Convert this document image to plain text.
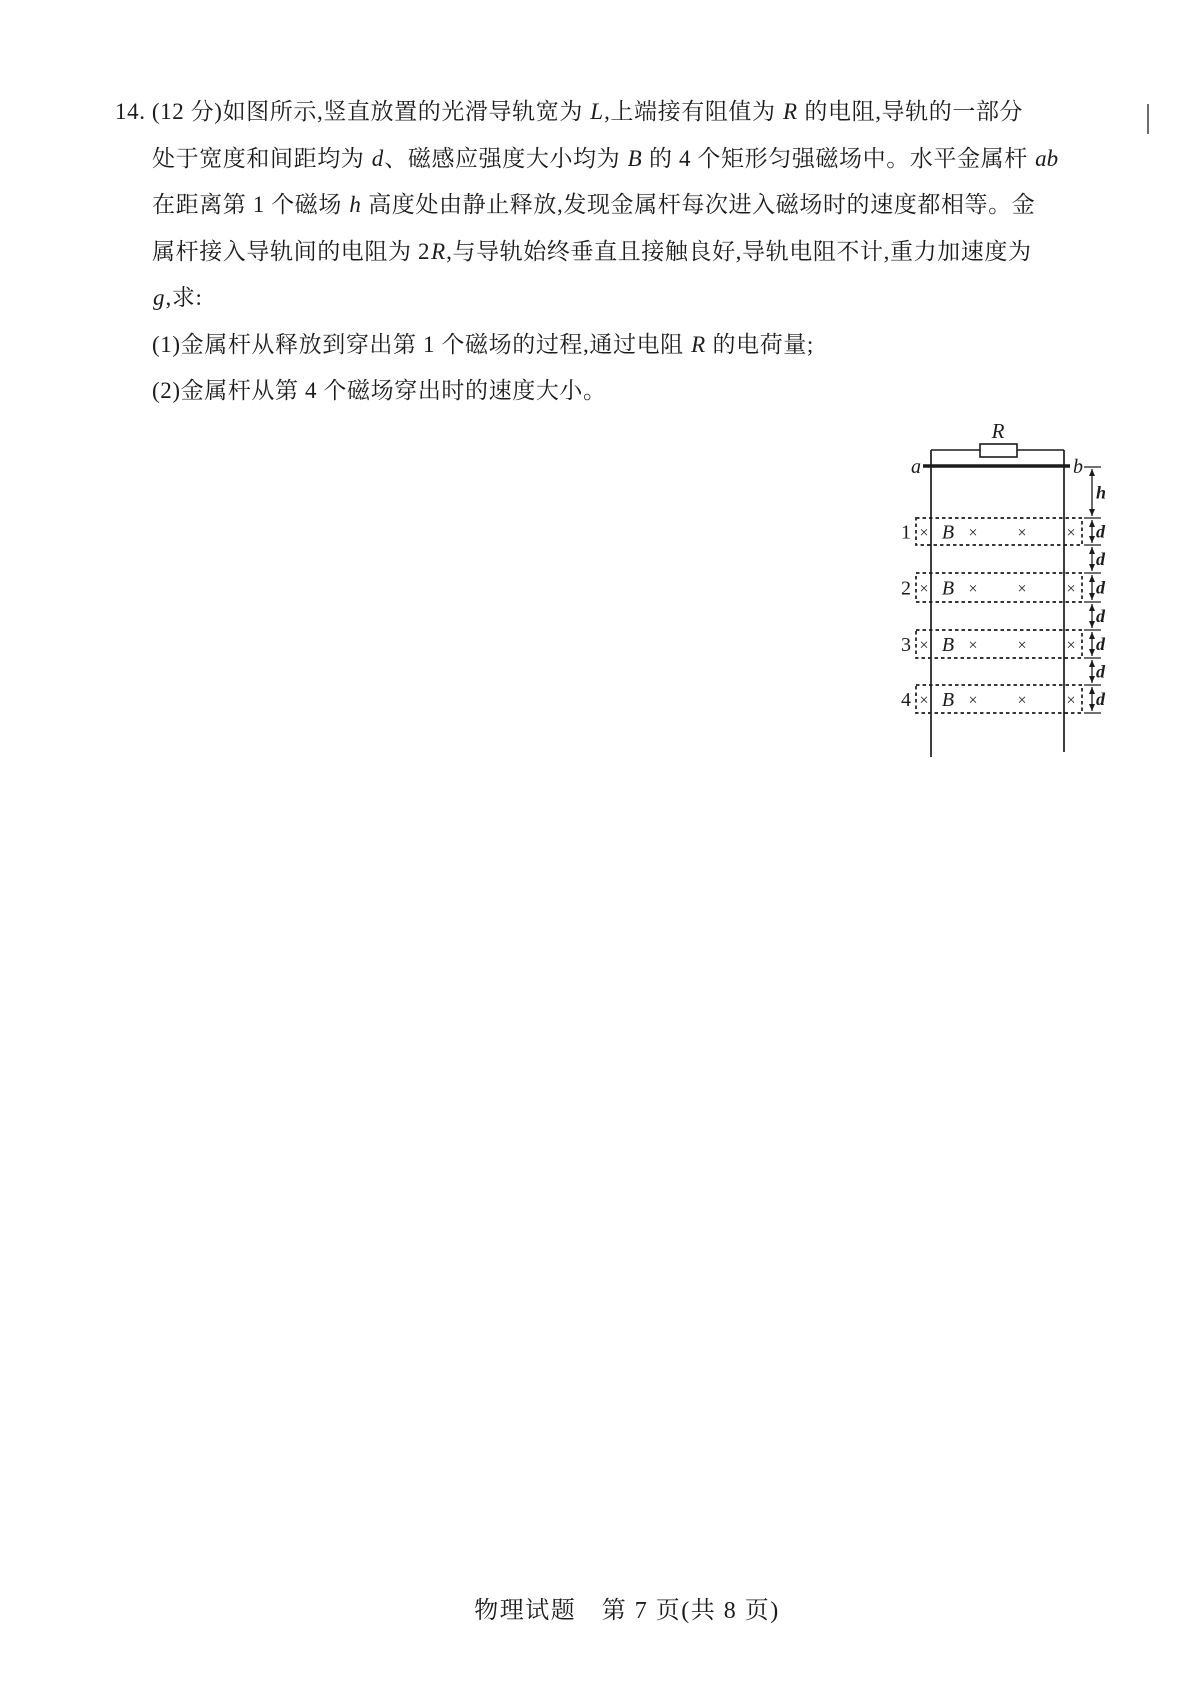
14. (12 分)如图所示,竖直放置的光滑导轨宽为 L,上端接有阻值为 R 的电阻,导轨的一部分
处于宽度和间距均为 d、磁感应强度大小均为 B 的 4 个矩形匀强磁场中。水平金属杆 ab
在距离第 1 个磁场 h 高度处由静止释放,发现金属杆每次进入磁场时的速度都相等。金
属杆接入导轨间的电阻为 2R,与导轨始终垂直且接触良好,导轨电阻不计,重力加速度为
g,求:
(1)金属杆从释放到穿出第 1 个磁场的过程,通过电阻 R 的电荷量;
(2)金属杆从第 4 个磁场穿出时的速度大小。
R
a	b
1 B
× × × ×
2 B
× × × ×
3 B
× × × ×
4 B
× × × ×
h
d
d
d
d
d
d
d
物理试题　第 7 页(共 8 页)
